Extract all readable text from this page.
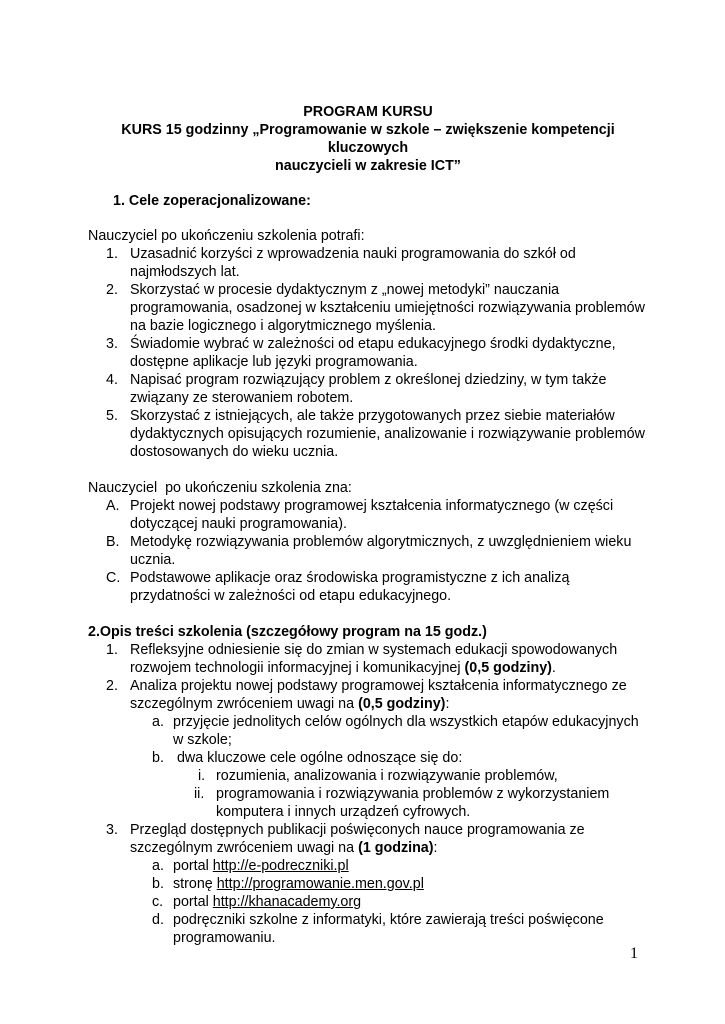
PROGRAM KURSU
KURS 15 godzinny „Programowanie w szkole – zwiększenie kompetencji kluczowych
nauczycieli w zakresie ICT”
1. Cele zoperacjonalizowane:
Nauczyciel po ukończeniu szkolenia potrafi:
1. Uzasadnić korzyści z wprowadzenia nauki programowania do szkół od najmłodszych lat.
2. Skorzystać w procesie dydaktycznym z „nowej metodyki” nauczania programowania, osadzonej w kształceniu umiejętności rozwiązywania problemów na bazie logicznego i algorytmicznego myślenia.
3. Świadomie wybrać w zależności od etapu edukacyjnego środki dydaktyczne, dostępne aplikacje lub języki programowania.
4. Napisać program rozwiązujący problem z określonej dziedziny, w tym także związany ze sterowaniem robotem.
5. Skorzystać z istniejących, ale także przygotowanych przez siebie materiałów dydaktycznych opisujących rozumienie, analizowanie i rozwiązywanie problemów dostosowanych do wieku ucznia.
Nauczyciel  po ukończeniu szkolenia zna:
A. Projekt nowej podstawy programowej kształcenia informatycznego (w części dotyczącej nauki programowania).
B. Metodykę rozwiązywania problemów algorytmicznych, z uwzględnieniem wieku ucznia.
C. Podstawowe aplikacje oraz środowiska programistyczne z ich analizą przydatności w zależności od etapu edukacyjnego.
2.Opis treści szkolenia (szczegółowy program na 15 godz.)
1. Refleksyjne odniesienie się do zmian w systemach edukacji spowodowanych rozwojem technologii informacyjnej i komunikacyjnej (0,5 godziny).
2. Analiza projektu nowej podstawy programowej kształcenia informatycznego ze szczególnym zwróceniem uwagi na (0,5 godziny):
a. przyjęcie jednolitych celów ogólnych dla wszystkich etapów edukacyjnych w szkole;
b. dwa kluczowe cele ogólne odnoszące się do:
i. rozumienia, analizowania i rozwiązywanie problemów,
ii. programowania i rozwiązywania problemów z wykorzystaniem komputera i innych urządzeń cyfrowych.
3. Przegląd dostępnych publikacji poświęconych nauce programowania ze szczególnym zwróceniem uwagi na (1 godzina):
a. portal http://e-podreczniki.pl
b. stronę http://programowanie.men.gov.pl
c. portal http://khanacademy.org
d. podręczniki szkolne z informatyki, które zawierają treści poświęcone programowaniu.
1
